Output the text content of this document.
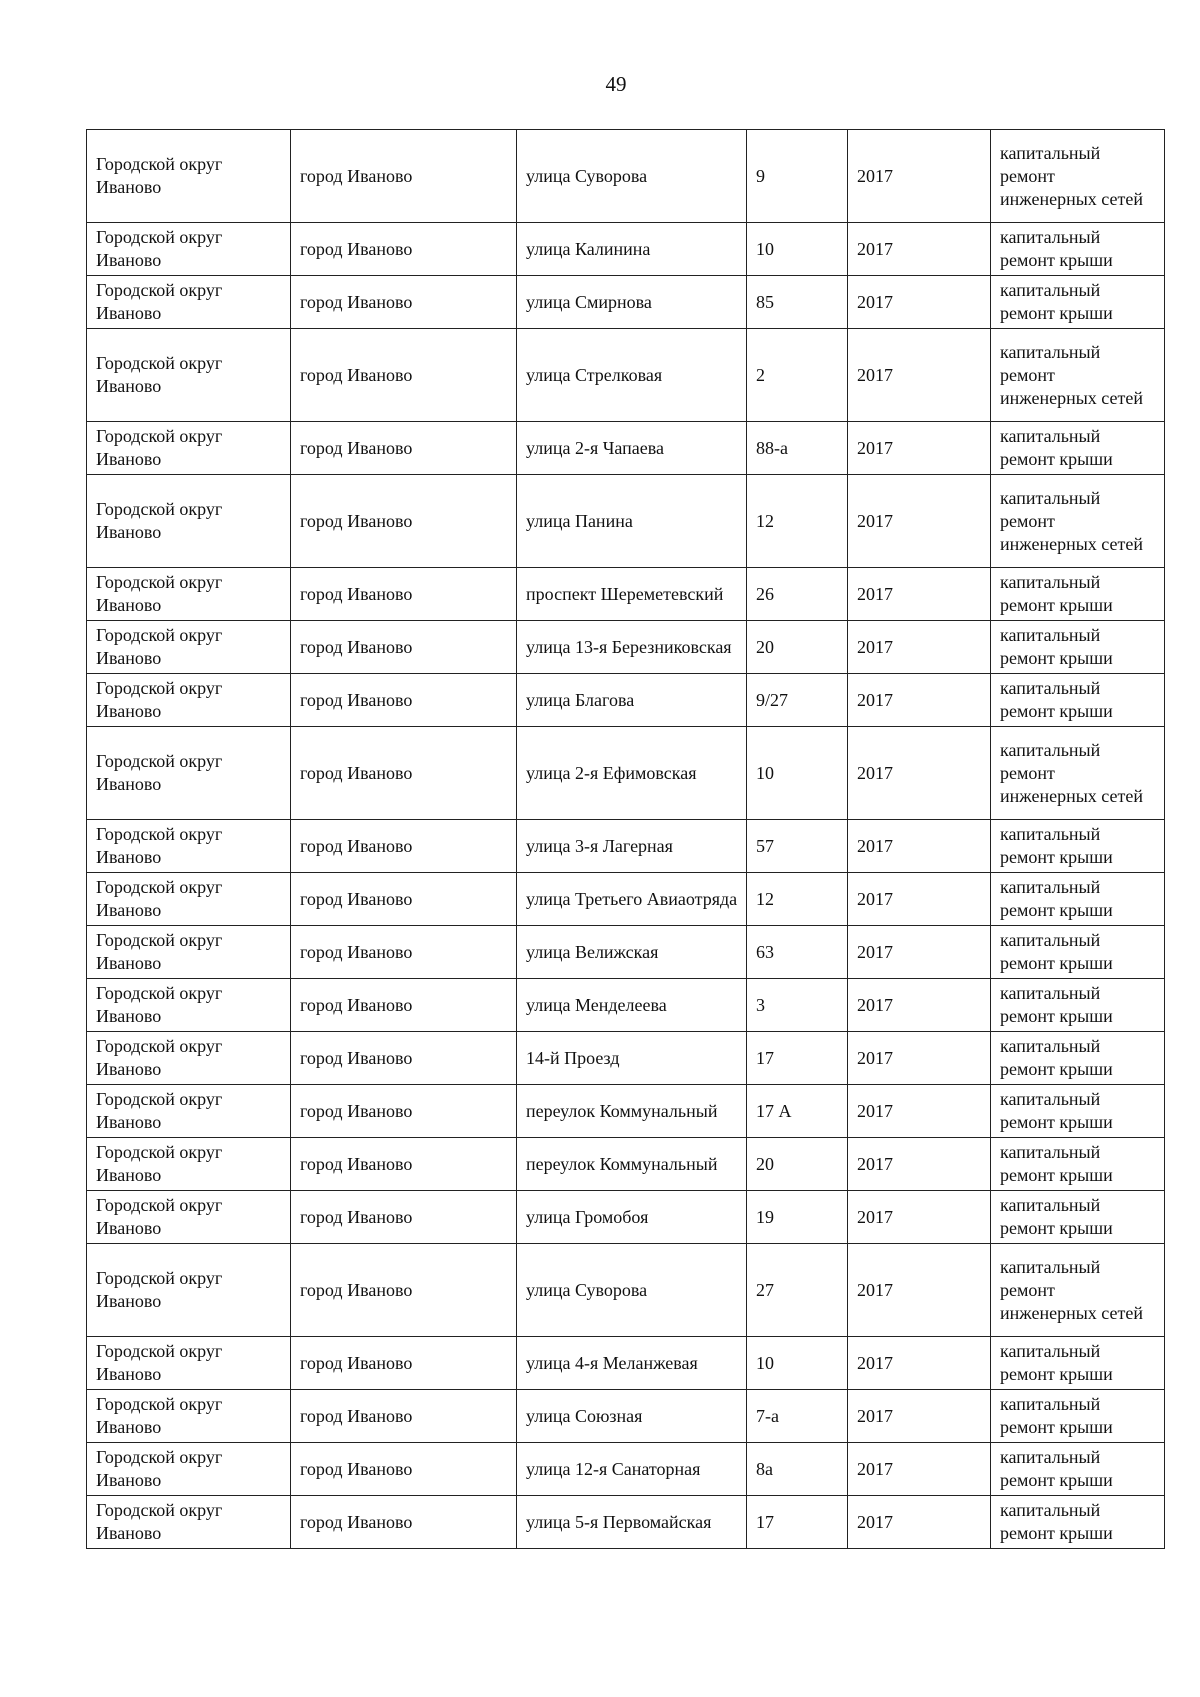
49
Городской округ Иваново	город Иваново	улица Суворова	9	2017	капитальный ремонт инженерных сетей
Городской округ Иваново	город Иваново	улица Калинина	10	2017	капитальный ремонт крыши
Городской округ Иваново	город Иваново	улица Смирнова	85	2017	капитальный ремонт крыши
Городской округ Иваново	город Иваново	улица Стрелковая	2	2017	капитальный ремонт инженерных сетей
Городской округ Иваново	город Иваново	улица 2-я Чапаева	88-а	2017	капитальный ремонт крыши
Городской округ Иваново	город Иваново	улица Панина	12	2017	капитальный ремонт инженерных сетей
Городской округ Иваново	город Иваново	проспект Шереметевский	26	2017	капитальный ремонт крыши
Городской округ Иваново	город Иваново	улица 13-я Березниковская	20	2017	капитальный ремонт крыши
Городской округ Иваново	город Иваново	улица Благова	9/27	2017	капитальный ремонт крыши
Городской округ Иваново	город Иваново	улица 2-я Ефимовская	10	2017	капитальный ремонт инженерных сетей
Городской округ Иваново	город Иваново	улица 3-я Лагерная	57	2017	капитальный ремонт крыши
Городской округ Иваново	город Иваново	улица Третьего Авиаотряда	12	2017	капитальный ремонт крыши
Городской округ Иваново	город Иваново	улица Велижская	63	2017	капитальный ремонт крыши
Городской округ Иваново	город Иваново	улица Менделеева	3	2017	капитальный ремонт крыши
Городской округ Иваново	город Иваново	14-й Проезд	17	2017	капитальный ремонт крыши
Городской округ Иваново	город Иваново	переулок Коммунальный	17 А	2017	капитальный ремонт крыши
Городской округ Иваново	город Иваново	переулок Коммунальный	20	2017	капитальный ремонт крыши
Городской округ Иваново	город Иваново	улица Громобоя	19	2017	капитальный ремонт крыши
Городской округ Иваново	город Иваново	улица Суворова	27	2017	капитальный ремонт инженерных сетей
Городской округ Иваново	город Иваново	улица 4-я Меланжевая	10	2017	капитальный ремонт крыши
Городской округ Иваново	город Иваново	улица Союзная	7-а	2017	капитальный ремонт крыши
Городской округ Иваново	город Иваново	улица 12-я Санаторная	8а	2017	капитальный ремонт крыши
Городской округ Иваново	город Иваново	улица 5-я Первомайская	17	2017	капитальный ремонт крыши
